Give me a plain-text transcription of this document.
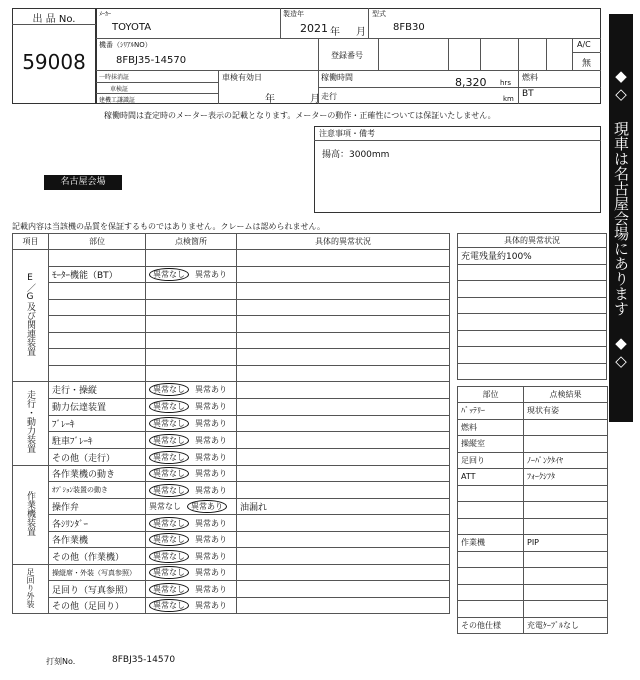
出 品 No.
59008
ﾒｰｶｰ
TOYOTA
製造年
2021 年 月
型式
8FB30
機番（ｼﾘｱﾙNO）
8FBJ35-14570	登録番号
A/C
無
一時抹消証
車検証
建機工謙識証
車検有効日
年	月
稼働時間	8,320 hrs
走行	km
燃料
BT
稼働時間は査定時のメーター表示の記載となります。メーターの動作・正確性については保証いたしません。
注意事項・備考
揚高：3000mm
名古屋会場
記載内容は当該機の品質を保証するものではありません。クレームは認められません。	◆◇ 現車は名古屋会場にあります ◆◇
項目	部位	点検箇所	具体的異常状況
E／G及び関連装置			
	ﾓｰﾀｰ機能（BT）	異常なし 異常あり	

走行・動力装置	走行・操縦	異常なし 異常あり	
	動力伝達装置	異常なし 異常あり	
	ﾌﾞﾚｰｷ	異常なし 異常あり	
	駐車ﾌﾞﾚｰｷ	異常なし 異常あり	
	その他（走行）	異常なし 異常あり	
作業機装置	各作業機の動き	異常なし 異常あり	
	ｵﾌﾟｼｮﾝ装置の動き	異常なし 異常あり	
	操作弁	異常なし 異常あり	油漏れ
	各ｼﾘﾝﾀﾞｰ	異常なし 異常あり	
	各作業機	異常なし 異常あり	
	その他（作業機）	異常なし 異常あり	
足回り外装	操縦席・外装（写真参照）	異常なし 異常あり	
	足回り（写真参照）	異常なし 異常あり	
	その他（足回り）	異常なし 異常あり	
具体的異常状況
充電残量約100%

部位	点検結果
ﾊﾞｯﾃﾘｰ	現状有姿
燃料	
操縦室	
足回り	ﾉｰﾊﾟﾝｸﾀｲﾔ
ATT	ﾌｫｰｸｼﾌﾀ

作業機	PIP

その他仕様	充電ｹｰﾌﾞﾙなし
打刻No.	8FBJ35-14570
